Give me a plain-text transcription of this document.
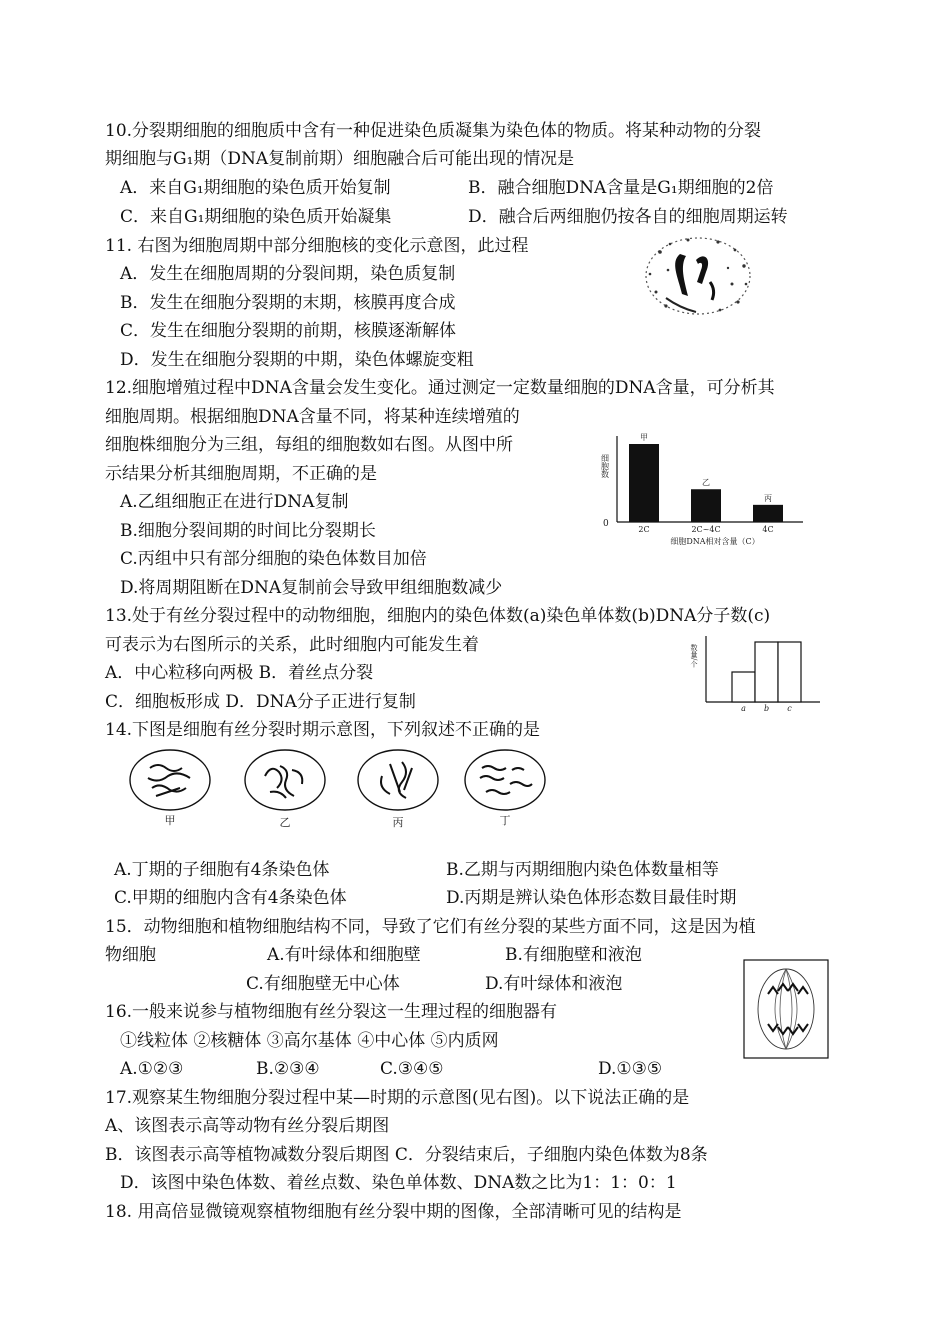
10.分裂期细胞的细胞质中含有一种促进染色质凝集为染色体的物质。将某种动物的分裂
期细胞与G₁期（DNA复制前期）细胞融合后可能出现的情况是
A．来自G₁期细胞的染色质开始复制	B．融合细胞DNA含量是G₁期细胞的2倍
C．来自G₁期细胞的染色质开始凝集	D．融合后两细胞仍按各自的细胞周期运转
11. 右图为细胞周期中部分细胞核的变化示意图，此过程
A．发生在细胞周期的分裂间期，染色质复制
B．发生在细胞分裂期的末期，核膜再度合成
C．发生在细胞分裂期的前期，核膜逐渐解体
D．发生在细胞分裂期的中期，染色体螺旋变粗
12.细胞增殖过程中DNA含量会发生变化。通过测定一定数量细胞的DNA含量，可分析其
细胞周期。根据细胞DNA含量不同，将某种连续增殖的
细胞株细胞分为三组，每组的细胞数如右图。从图中所
示结果分析其细胞周期，不正确的是
A.乙组细胞正在进行DNA复制
B.细胞分裂间期的时间比分裂期长
C.丙组中只有部分细胞的染色体数目加倍
D.将周期阻断在DNA复制前会导致甲组细胞数减少
细胞数
0
细胞DNA相对含量（C）
甲
2C
乙
2C~4C
丙
4C
13.处于有丝分裂过程中的动物细胞，细胞内的染色体数(a)染色单体数(b)DNA分子数(c)
可表示为右图所示的关系，此时细胞内可能发生着
A．中心粒移向两极 B．着丝点分裂
C．细胞板形成 D．DNA分子正进行复制
数量/个
a b c
14.下图是细胞有丝分裂时期示意图，下列叙述不正确的是
甲	乙	丙	丁
A.丁期的子细胞有4条染色体	B.乙期与丙期细胞内染色体数量相等
C.甲期的细胞内含有4条染色体	D.丙期是辨认染色体形态数目最佳时期
15．动物细胞和植物细胞结构不同，导致了它们有丝分裂的某些方面不同，这是因为植
物细胞	A.有叶绿体和细胞壁	B.有细胞壁和液泡
C.有细胞壁无中心体	D.有叶绿体和液泡
16.一般来说参与植物细胞有丝分裂这一生理过程的细胞器有
①线粒体 ②核糖体 ③高尔基体 ④中心体 ⑤内质网
A.①②③	B.②③④	C.③④⑤	D.①③⑤
17.观察某生物细胞分裂过程中某—时期的示意图(见右图)。以下说法正确的是
A、该图表示高等动物有丝分裂后期图
B．该图表示高等植物减数分裂后期图 C．分裂结束后，子细胞内染色体数为8条
D．该图中染色体数、着丝点数、染色单体数、DNA数之比为1：1：0：1
18. 用高倍显微镜观察植物细胞有丝分裂中期的图像，全部清晰可见的结构是
